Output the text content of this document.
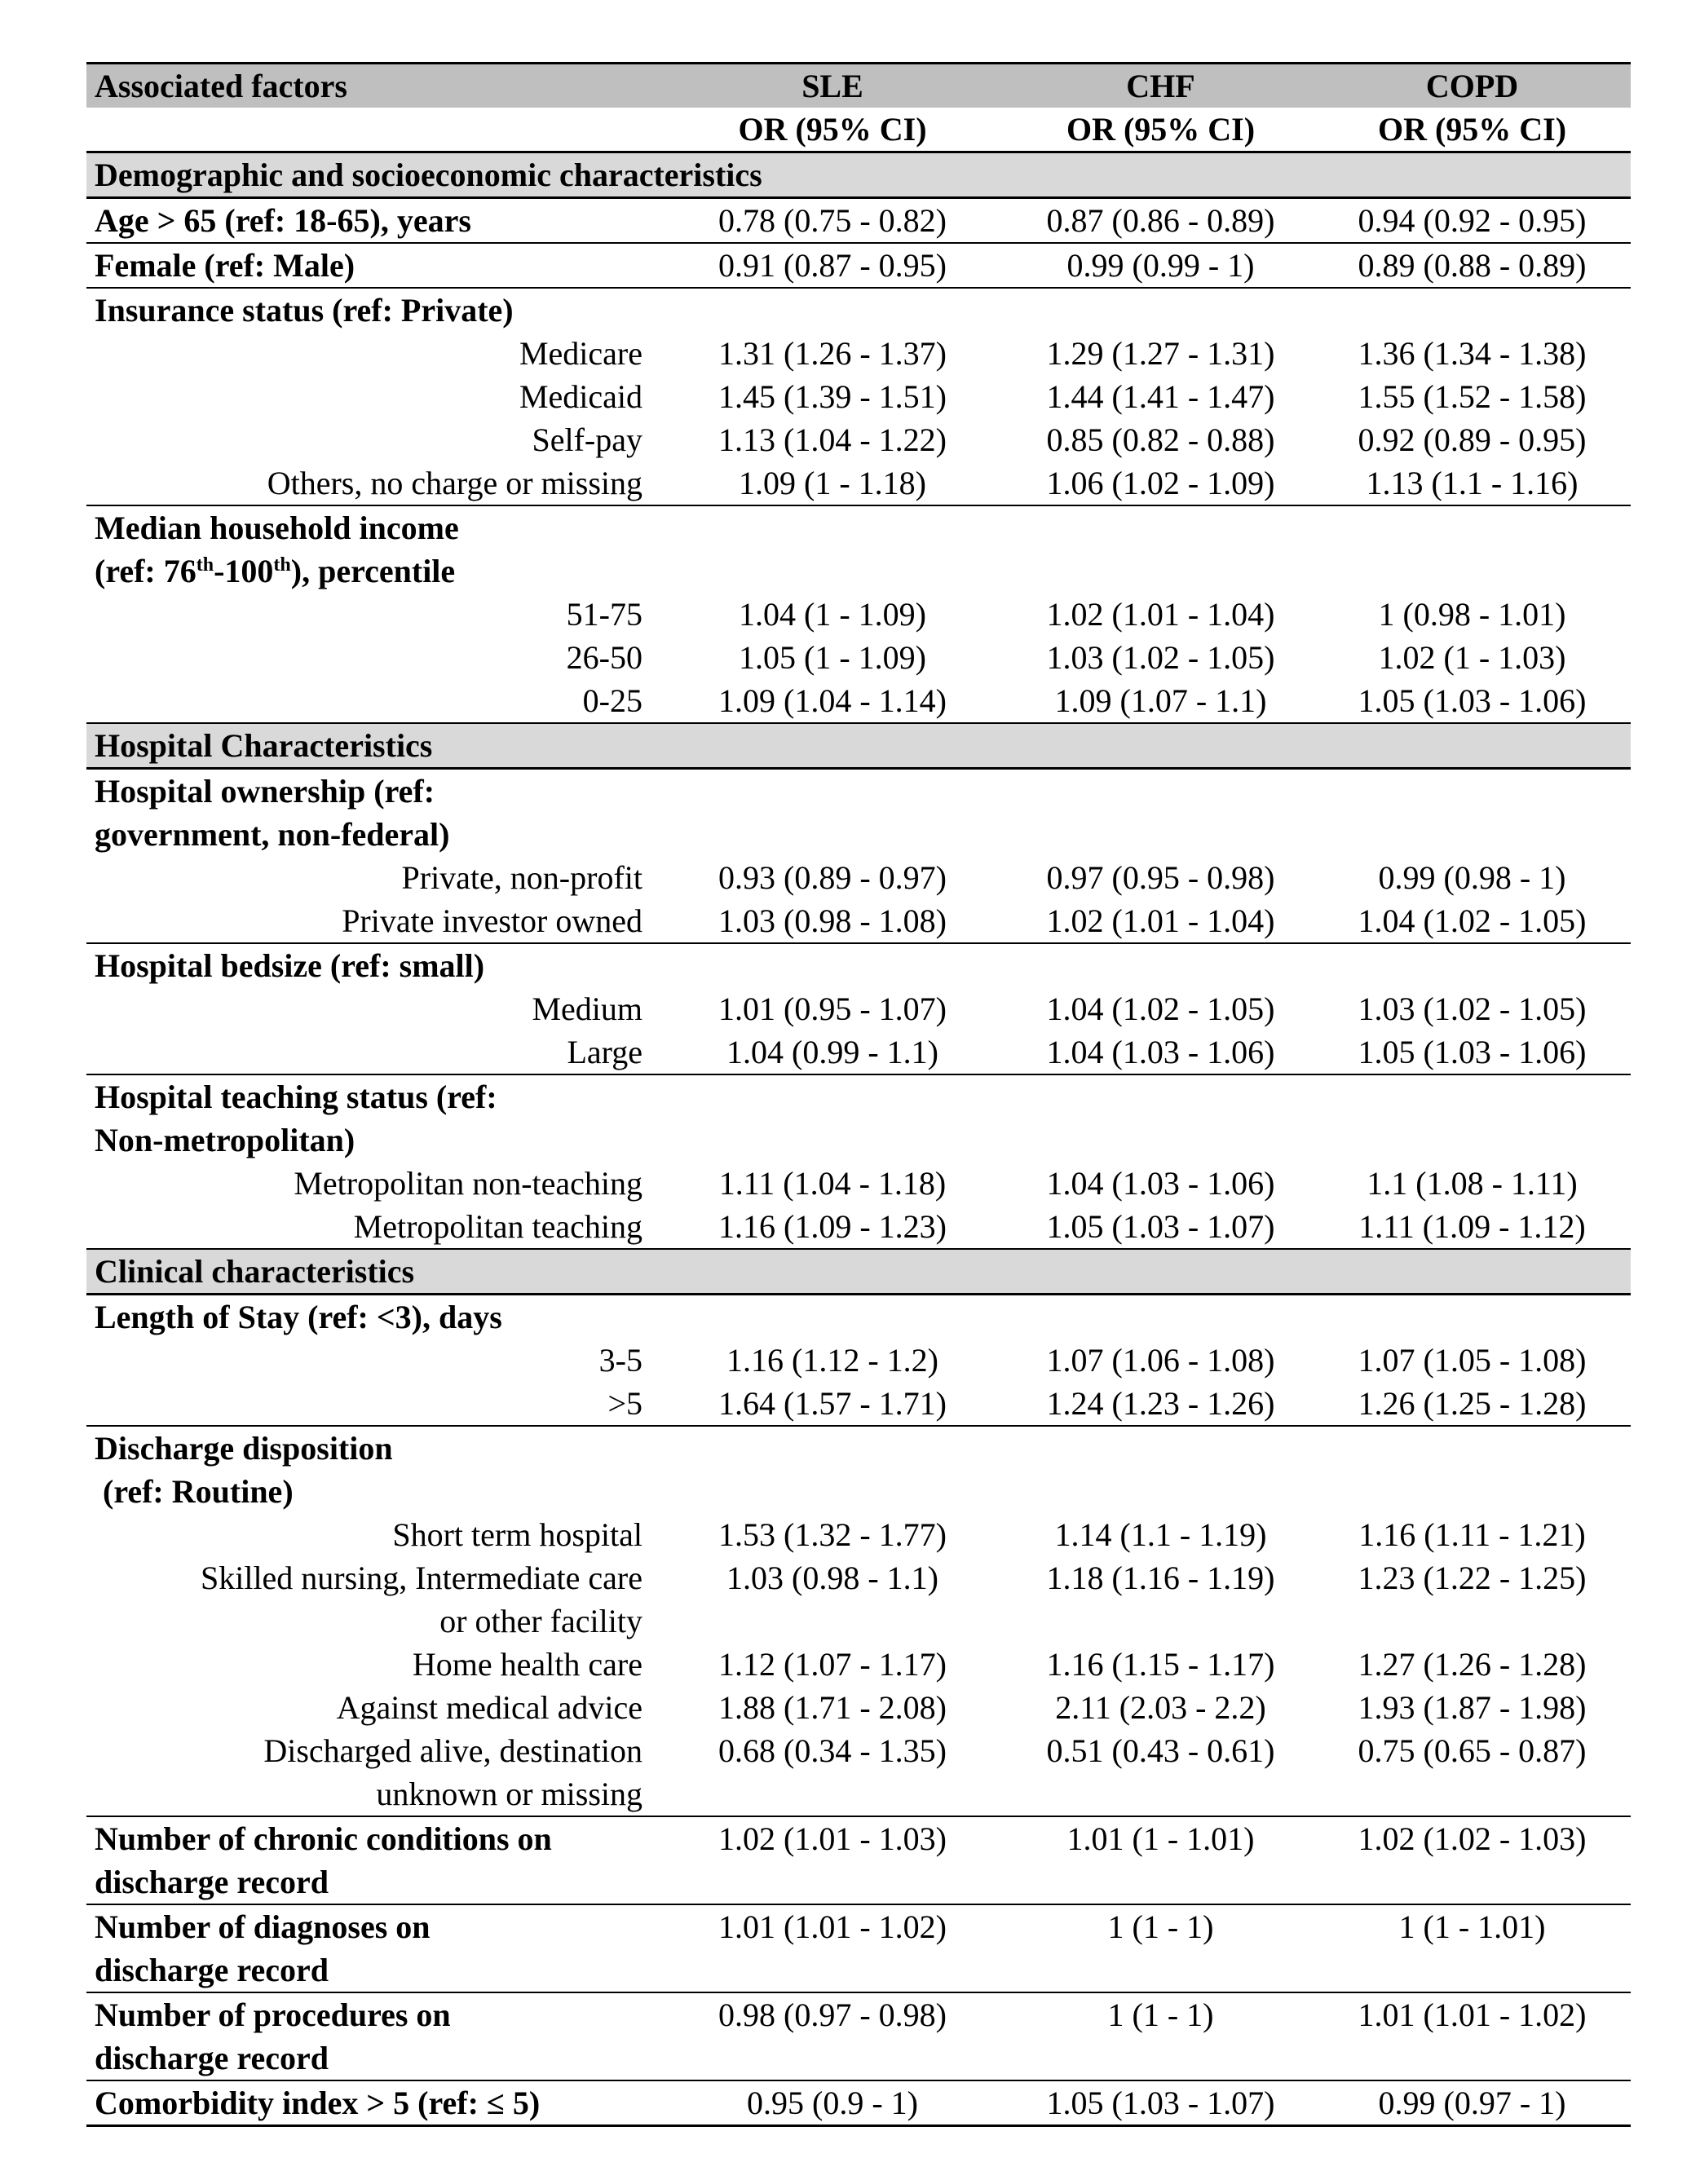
Associated factors	SLE	CHF	COPD
	OR (95% CI)	OR (95% CI)	OR (95% CI)
Demographic and socioeconomic characteristics			
Age > 65 (ref: 18-65), years	0.78 (0.75 - 0.82)	0.87 (0.86 - 0.89)	0.94 (0.92 - 0.95)
Female (ref: Male)	0.91 (0.87 - 0.95)	0.99 (0.99 - 1)	0.89 (0.88 - 0.89)
Insurance status (ref: Private)			
Medicare	1.31 (1.26 - 1.37)	1.29 (1.27 - 1.31)	1.36 (1.34 - 1.38)
Medicaid	1.45 (1.39 - 1.51)	1.44 (1.41 - 1.47)	1.55 (1.52 - 1.58)
Self-pay	1.13 (1.04 - 1.22)	0.85 (0.82 - 0.88)	0.92 (0.89 - 0.95)
Others, no charge or missing	1.09 (1 - 1.18)	1.06 (1.02 - 1.09)	1.13 (1.1 - 1.16)
Median household income			
(ref: 76th-100th), percentile			
51-75	1.04 (1 - 1.09)	1.02 (1.01 - 1.04)	1 (0.98 - 1.01)
26-50	1.05 (1 - 1.09)	1.03 (1.02 - 1.05)	1.02 (1 - 1.03)
0-25	1.09 (1.04 - 1.14)	1.09 (1.07 - 1.1)	1.05 (1.03 - 1.06)
Hospital Characteristics			
Hospital ownership (ref:			
government, non-federal)			
Private, non-profit	0.93 (0.89 - 0.97)	0.97 (0.95 - 0.98)	0.99 (0.98 - 1)
Private investor owned	1.03 (0.98 - 1.08)	1.02 (1.01 - 1.04)	1.04 (1.02 - 1.05)
Hospital bedsize (ref: small)			
Medium	1.01 (0.95 - 1.07)	1.04 (1.02 - 1.05)	1.03 (1.02 - 1.05)
Large	1.04 (0.99 - 1.1)	1.04 (1.03 - 1.06)	1.05 (1.03 - 1.06)
Hospital teaching status (ref:			
Non-metropolitan)			
Metropolitan non-teaching	1.11 (1.04 - 1.18)	1.04 (1.03 - 1.06)	1.1 (1.08 - 1.11)
Metropolitan teaching	1.16 (1.09 - 1.23)	1.05 (1.03 - 1.07)	1.11 (1.09 - 1.12)
Clinical characteristics			
Length of Stay (ref: <3), days			
3-5	1.16 (1.12 - 1.2)	1.07 (1.06 - 1.08)	1.07 (1.05 - 1.08)
>5	1.64 (1.57 - 1.71)	1.24 (1.23 - 1.26)	1.26 (1.25 - 1.28)
Discharge disposition			
(ref: Routine)			
Short term hospital	1.53 (1.32 - 1.77)	1.14 (1.1 - 1.19)	1.16 (1.11 - 1.21)

Skilled nursing, Intermediate care
or other facility	1.03 (0.98 - 1.1)	1.18 (1.16 - 1.19)	1.23 (1.22 - 1.25)
Home health care	1.12 (1.07 - 1.17)	1.16 (1.15 - 1.17)	1.27 (1.26 - 1.28)
Against medical advice	1.88 (1.71 - 2.08)	2.11 (2.03 - 2.2)	1.93 (1.87 - 1.98)

Discharged alive, destination
unknown or missing	0.68 (0.34 - 1.35)	0.51 (0.43 - 0.61)	0.75 (0.65 - 0.87)

Number of chronic conditions on
discharge record	1.02 (1.01 - 1.03)	1.01 (1 - 1.01)	1.02 (1.02 - 1.03)

Number of diagnoses on
discharge record	1.01 (1.01 - 1.02)	1 (1 - 1)	1 (1 - 1.01)

Number of procedures on
discharge record	0.98 (0.97 - 0.98)	1 (1 - 1)	1.01 (1.01 - 1.02)
Comorbidity index > 5 (ref: ≤ 5)	0.95 (0.9 - 1)	1.05 (1.03 - 1.07)	0.99 (0.97 - 1)
